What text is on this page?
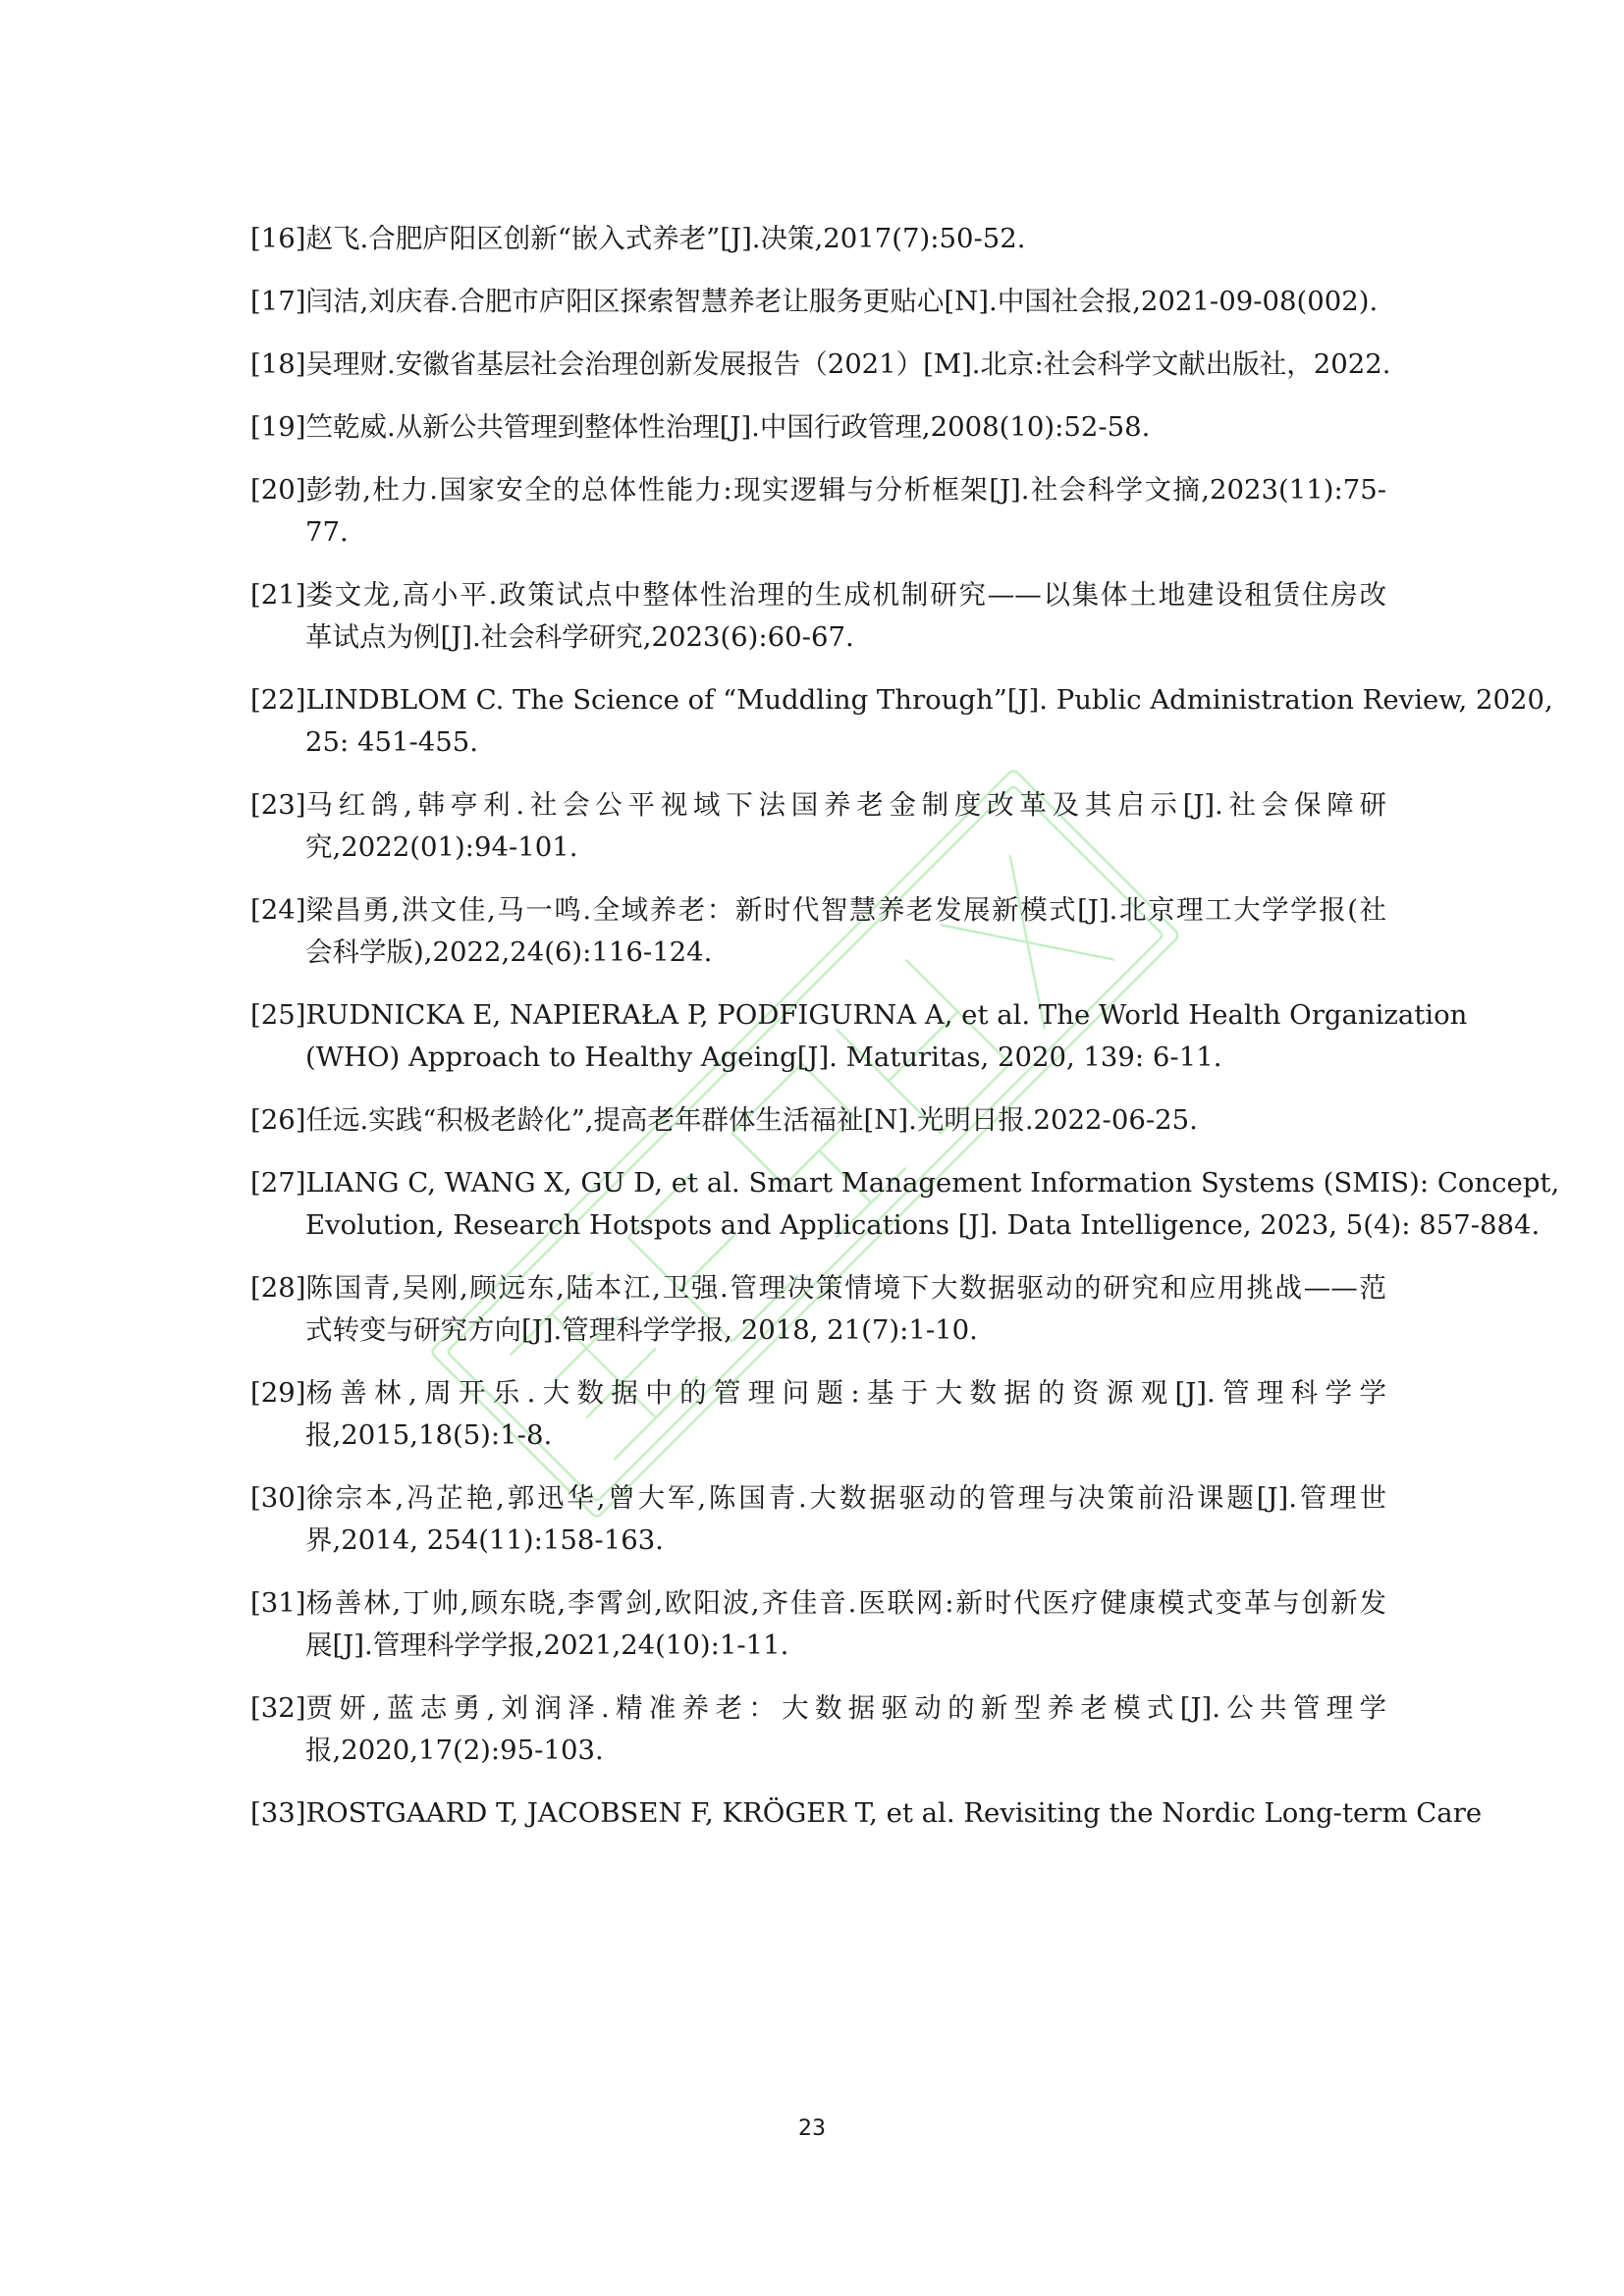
[16]赵飞.合肥庐阳区创新“嵌入式养老”[J].决策,2017(7):50-52.
[17]闫洁,刘庆春.合肥市庐阳区探索智慧养老让服务更贴心[N].中国社会报,2021-09-08(002).
[18]吴理财.安徽省基层社会治理创新发展报告（2021）[M].北京:社会科学文献出版社，2022.
[19]竺乾威.从新公共管理到整体性治理[J].中国行政管理,2008(10):52-58.
[20] 彭勃,杜力.国家安全的总体性能力:现实逻辑与分析框架[J].社会科学文摘,2023(11):75-
77.
[21] 娄文龙,高小平.政策试点中整体性治理的生成机制研究——以集体土地建设租赁住房改
革试点为例[J].社会科学研究,2023(6):60-67.
[22] LINDBLOM C. The Science of “Muddling Through”[J]. Public Administration Review, 2020,
25: 451-455.
[23] 马红鸽,韩亭利.社会公平视域下法国养老金制度改革及其启示[J].社会保障研
究,2022(01):94-101.
[24] 梁昌勇,洪文佳,马一鸣.全域养老：新时代智慧养老发展新模式[J].北京理工大学学报(社
会科学版),2022,24(6):116-124.
[25] RUDNICKA E, NAPIERAŁA P, PODFIGURNA A, et al. The World Health Organization
(WHO) Approach to Healthy Ageing[J]. Maturitas, 2020, 139: 6-11.
[26]任远.实践“积极老龄化”,提高老年群体生活福祉[N].光明日报.2022-06-25.
[27] LIANG C, WANG X, GU D, et al. Smart Management Information Systems (SMIS): Concept,
Evolution, Research Hotspots and Applications [J]. Data Intelligence, 2023, 5(4): 857-884.
[28] 陈国青,吴刚,顾远东,陆本江,卫强.管理决策情境下大数据驱动的研究和应用挑战——范
式转变与研究方向[J].管理科学学报, 2018, 21(7):1-10.
[29] 杨善林,周开乐.大数据中的管理问题:基于大数据的资源观[J].管理科学学
报,2015,18(5):1-8.
[30] 徐宗本,冯芷艳,郭迅华,曾大军,陈国青.大数据驱动的管理与决策前沿课题[J].管理世
界,2014, 254(11):158-163.
[31] 杨善林,丁帅,顾东晓,李霄剑,欧阳波,齐佳音.医联网:新时代医疗健康模式变革与创新发
展[J].管理科学学报,2021,24(10):1-11.
[32] 贾妍,蓝志勇,刘润泽.精准养老：大数据驱动的新型养老模式[J].公共管理学
报,2020,17(2):95-103.
[33]ROSTGAARD T, JACOBSEN F, KRÖGER T, et al. Revisiting the Nordic Long-term Care
23
